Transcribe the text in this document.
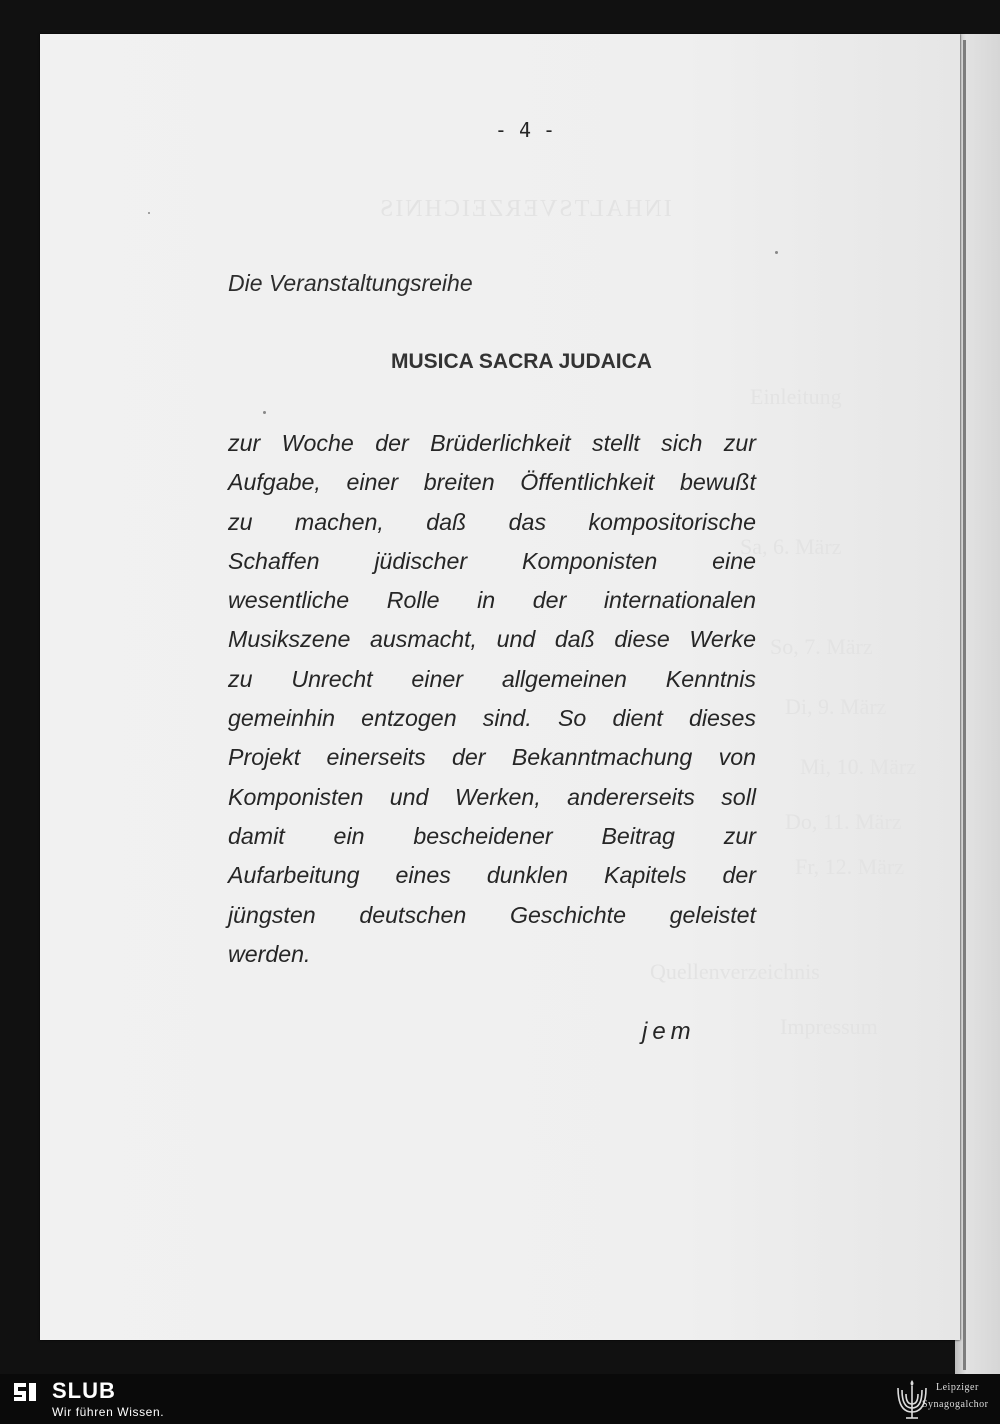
INHALTSVERZEICHNIS
Einleitung
Sa, 6. März
So, 7. März
Di, 9. März
Mi, 10. März
Do, 11. März
Fr, 12. März
Quellenverzeichnis
Impressum
- 4 -
Die Veranstaltungsreihe
MUSICA SACRA JUDAICA
zur Woche der Brüderlichkeit stellt sich zur
Aufgabe, einer breiten Öffentlichkeit bewußt
zu machen, daß das kompositorische
Schaffen jüdischer Komponisten eine
wesentliche Rolle in der internationalen
Musikszene ausmacht, und daß diese Werke
zu Unrecht einer allgemeinen Kenntnis
gemeinhin entzogen sind. So dient dieses
Projekt einerseits der Bekanntmachung von
Komponisten und Werken, andererseits soll
damit ein bescheidener Beitrag zur
Aufarbeitung eines dunklen Kapitels der
jüngsten deutschen Geschichte geleistet
werden.
jem
SLUB
Wir führen Wissen.
Leipziger
Synagogalchor
